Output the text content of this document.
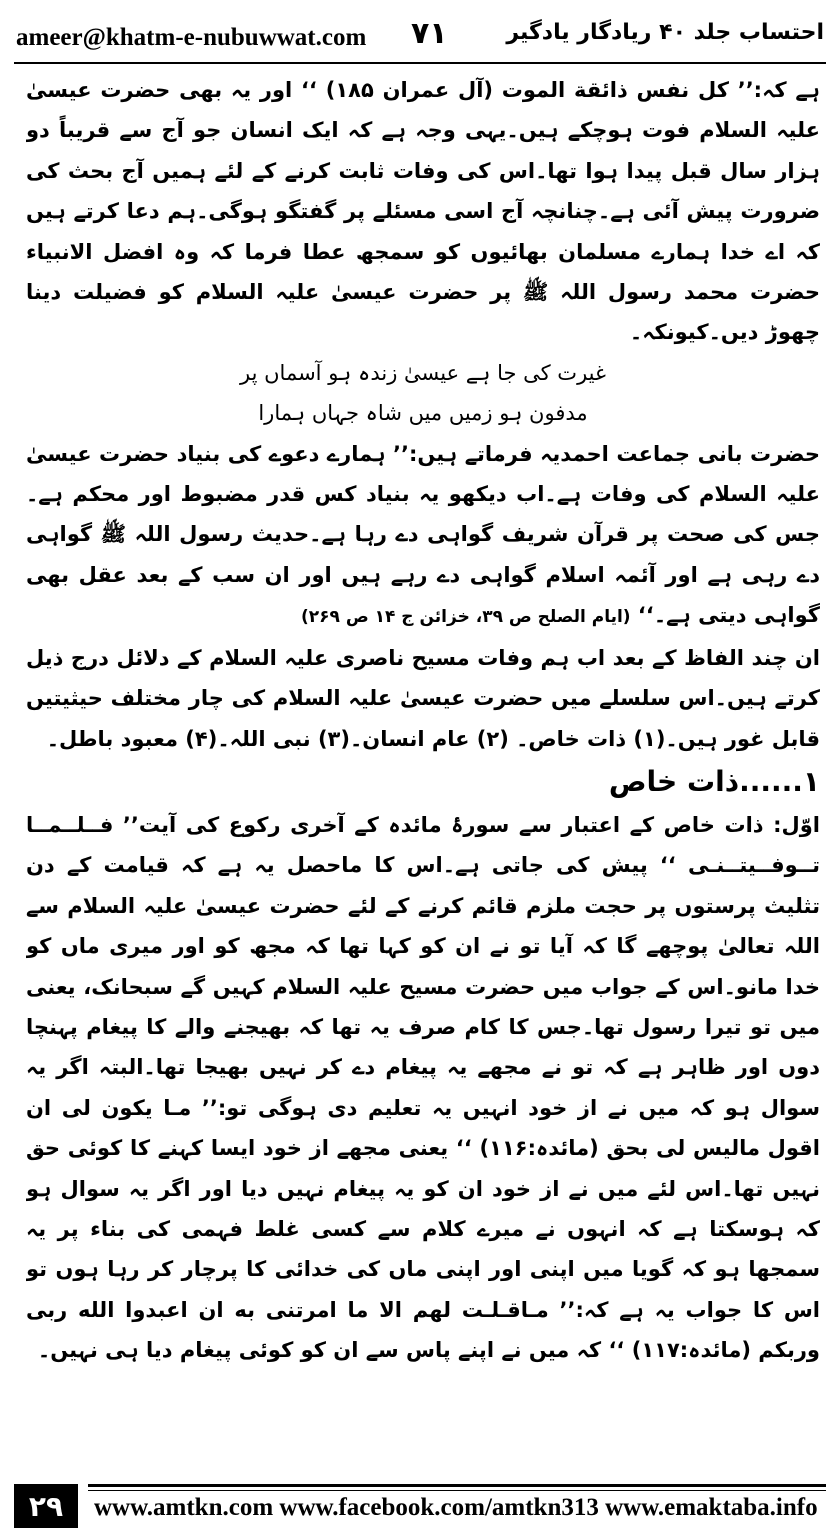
ameer@khatm-e-nubuwwat.com ۷۱	احتساب جلد ۴۰ ریادگار یادگیر

ہے کہ:’’ کل نفس ذائقة الموت (آل عمران ۱۸۵) ‘‘ اور یہ بھی حضرت عیسیٰ علیہ السلام فوت ہوچکے ہیں۔یہی وجہ ہے کہ ایک انسان جو آج سے قریباً دو ہزار سال قبل پیدا ہوا تھا۔اس کی وفات ثابت کرنے کے لئے ہمیں آج بحث کی ضرورت پیش آئی ہے۔چنانچہ آج اسی مسئلے پر گفتگو ہوگی۔ہم دعا کرتے ہیں کہ اے خدا ہمارے مسلمان بھائیوں کو سمجھ عطا فرما کہ وہ افضل الانبیاء حضرت محمد رسول اللہ ﷺ پر حضرت عیسیٰ علیہ السلام کو فضیلت دینا چھوڑ دیں۔کیونکہ۔

غیرت کی جا ہے عیسیٰ زندہ ہو آسماں پر

مدفون ہو زمیں میں شاہ جہاں ہمارا

حضرت بانی جماعت احمدیہ فرماتے ہیں:’’ ہمارے دعوے کی بنیاد حضرت عیسیٰ علیہ السلام کی وفات ہے۔اب دیکھو یہ بنیاد کس قدر مضبوط اور محکم ہے۔جس کی صحت پر قرآن شریف گواہی دے رہا ہے۔حدیث رسول اللہ ﷺ گواہی دے رہی ہے اور آئمہ اسلام گواہی دے رہے ہیں اور ان سب کے بعد عقل بھی گواہی دیتی ہے۔‘‘ (ایام الصلح ص ۳۹، خزائن ج ۱۴ ص ۲۶۹)

ان چند الفاظ کے بعد اب ہم وفات مسیح ناصری علیہ السلام کے دلائل درج ذیل کرتے ہیں۔اس سلسلے میں حضرت عیسیٰ علیہ السلام کی چار مختلف حیثیتیں قابل غور ہیں۔(۱) ذات خاص۔ (۲) عام انسان۔(۳) نبی اللہ۔(۴) معبود باطل۔

۱......ذات خاص

اوّل: ذات خاص کے اعتبار سے سورۂ مائدہ کے آخری رکوع کی آیت’’ فــلــمــا تــوفــیتــنـی ‘‘ پیش کی جاتی ہے۔اس کا ماحصل یہ ہے کہ قیامت کے دن تثلیث پرستوں پر حجت ملزم قائم کرنے کے لئے حضرت عیسیٰ علیہ السلام سے اللہ تعالیٰ پوچھے گا کہ آیا تو نے ان کو کہا تھا کہ مجھ کو اور میری ماں کو خدا مانو۔اس کے جواب میں حضرت مسیح علیہ السلام کہیں گے سبحانک، یعنی میں تو تیرا رسول تھا۔جس کا کام صرف یہ تھا کہ بھیجنے والے کا پیغام پہنچا دوں اور ظاہر ہے کہ تو نے مجھے یہ پیغام دے کر نہیں بھیجا تھا۔البتہ اگر یہ سوال ہو کہ میں نے از خود انہیں یہ تعلیم دی ہوگی تو:’’ مـا یکون لی ان اقول مالیس لی بحق (مائدہ:۱۱۶) ‘‘ یعنی مجھے از خود ایسا کہنے کا کوئی حق نہیں تھا۔اس لئے میں نے از خود ان کو یہ پیغام نہیں دیا اور اگر یہ سوال ہو کہ ہوسکتا ہے کہ انہوں نے میرے کلام سے کسی غلط فہمی کی بناء پر یہ سمجھا ہو کہ گویا میں اپنی اور اپنی ماں کی خدائی کا پرچار کر رہا ہوں تو اس کا جواب یہ ہے کہ:’’ مـاقـلـت لهم الا ما امرتنی به ان اعبدوا الله ربی وربکم (مائدہ:۱۱۷) ‘‘ کہ میں نے اپنے پاس سے ان کو کوئی پیغام دیا ہی نہیں۔

۲۹	www.amtkn.com www.facebook.com/amtkn313 www.emaktaba.info
